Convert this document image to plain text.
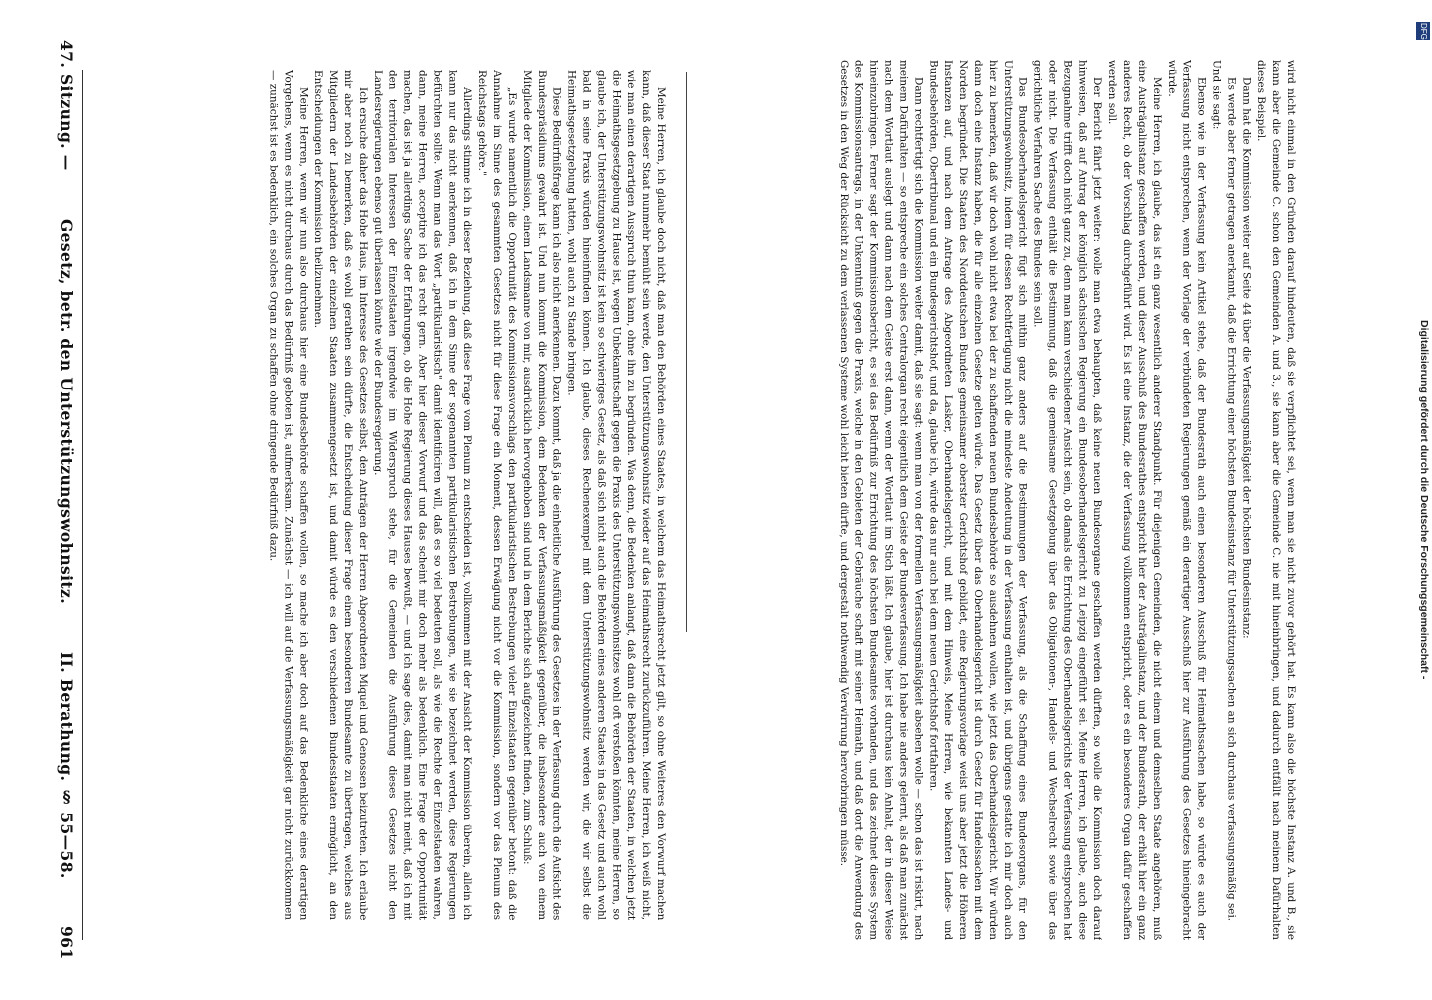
47. Sitzung. —
Gesetz, betr. den Unterstützungswohnsitz.
II. Berathung. § 55—58.
961

wird nicht einmal in den Gründen darauf hindeuten, daß sie verpflichtet sei, wenn man sie nicht zuvor gehört hat. Es kann also die höchste Instanz A. und B., sie kann aber die Gemeinde C. schon den Gemeinden A. und 3., sie kann aber die Gemeinde C. nie mit hineinbringen, und dadurch entfällt nach meinem Dafürhalten dieses Beispiel.

Dann hat die Kommission weiter auf Seite 44 über die Verfassungsmäßigkeit der höchsten Bundesinstanz:

Es werde aber ferner getragen anerkannt, daß die Errichtung einer höchsten Bundesinstanz für Unterstützungssachen an sich durchaus verfassungsmäßig sei.

Und sie sagt:

Ebenso wie in der Verfassung kein Artikel stehe, daß der Bundesrath auch einen besonderen Ausschuß für Heimathssachen habe, so würde es auch der Verfassung nicht entsprechen, wenn der Vorlage der verbündeten Regierungen gemäß ein derartiger Ausschuß hier zur Ausführung des Gesetzes hineingebracht würde.

Meine Herren, ich glaube, das ist ein ganz wesentlich anderer Standpunkt. Für diejenigen Gemeinden, die nicht einem und demselben Staate angehören, muß eine Austrägalinstanz geschaffen werden, und dieser Ausschuß des Bundesrathes entspricht hier der Austrägalinstanz, und der Bundesrath, der erhält hier ein ganz anderes Recht, ob der Vorschlag durchgeführt wird. Es ist eine Instanz, die der Verfassung vollkommen entspricht, oder es ein besonderes Organ dafür geschaffen werden soll.

Der Bericht fährt jetzt weiter: wolle man etwa behaupten, daß keine neuen Bundesorgane geschaffen werden dürften, so wolle die Kommission doch darauf hinweisen, daß auf Antrag der königlich sächsischen Regierung ein Bundesoberhandelsgericht zu Leipzig eingeführt sei. Meine Herren, ich glaube, auch diese Bezugnahme trifft doch nicht ganz zu, denn man kann verschiedener Ansicht sein, ob damals die Errichtung des Oberhandelsgerichts der Verfassung entsprochen hat oder nicht. Die Verfassung enthält die Bestimmung, daß die gemeinsame Gesetzgebung über das Obligationen-, Handels- und Wechselrecht sowie über das gerichtliche Verfahren Sache des Bundes sein soll.

Das Bundesoberhandelsgericht fügt sich mithin ganz anders auf die Bestimmungen der Verfassung, als die Schaffung eines Bundesorgans, für den Unterstützungswohnsitz, indem für dessen Rechtfertigung nicht die mindeste Andeutung in der Verfassung enthalten ist, und übrigens gestatte ich mir doch auch hier zu bemerken, daß wir doch wohl nicht etwa bei der zu schaffenden neuen Bundesbehörde so ausdehnen wollen, wie jetzt das Oberhandelsgericht. Wir würden dann doch eine Instanz haben, die für alle einzelnen Gesetze gelten würde. Das Gesetz über das Oberhandelsgericht ist durch Gesetz für Handelssachen mit dem Norden begründet. Die Staaten des Norddeutschen Bundes gemeinsamer oberster Gerichtshof gebildet, eine Regierungsvorlage weist uns aber jetzt die Höheren Instanzen auf, und nach dem Antrage des Abgeordneten Lasker, Oberhandelsgericht, und mit dem Hinweis, Meine Herren, wie bekannten Landes- und Bundesbehörden, Obertribunal und ein Bundesgerichtshof, und da, glaube ich, würde das nur auch bei dem neuen Gerichtshof fortfahren.

Dann rechtfertigt sich die Kommission weiter damit, daß sie sagt: wenn man von der formellen Verfassungsmäßigkeit absehen wolle — schon das ist riskirt, nach meinem Dafürhalten — so entspreche ein solches Centralorgan recht eigentlich dem Geiste der Bundesverfassung. Ich habe nie anders gelernt, als daß man zunächst nach dem Wortlaut auslegt und dann nach dem Geiste erst dann, wenn der Wortlaut im Stich läßt. Ich glaube, hier ist durchaus kein Anhalt, der in dieser Weise hineinzubringen. Ferner sagt der Kommissionsbericht, es sei das Bedürfniß zur Errichtung des höchsten Bundesamtes vorhanden, und das zeichnet dieses System des Kommissionsantrags, in der Unkenntniß gegen die Praxis, welche in den Gebieten der Gebräuche schaft mit seiner Heimath, und daß dort die Anwendung des Gesetzes in den Weg der Rücksicht zu dem verlassenen Systeme wohl leicht bieten dürfte, und dergestalt nothwendig Verwirrung hervorbringen müsse.

Meine Herren, ich glaube doch nicht, daß man den Behörden eines Staates, in welchem das Heimathsrecht jetzt gilt, so ohne Weiteres den Vorwurf machen kann, daß dieser Staat nunmehr bemüht sein werde, den Unterstützungswohnsitz wieder auf das Heimathsrecht zurückzuführen. Meine Herren, ich weiß nicht, wie man einen derartigen Ausspruch thun kann, ohne ihn zu begründen. Was denn, die Bedenken anlangt, daß dann die Behörden der Staaten, in welchen jetzt die Heimathsgesetzgebung zu Hause ist, wegen Unbekanntschaft gegen die Praxis des Unterstützungswohnsitzes wohl oft verstoßen könnten, meine Herren, so glaube ich, der Unterstützungswohnsitz ist kein so schwieriges Gesetz, als daß sich nicht auch die Behörden eines anderen Staates in das Gesetz und auch wohl bald in seine Praxis würden hineinfinden können. Ich glaube, dieses Rechenexempel mit dem Unterstützungswohnsitz werden wir, die wir selbst die Heimathsgesetzgebung hatten, wohl auch zu Stande bringen.

Diese Bedürfnißfrage kann ich also nicht anerkennen. Dazu kommt, daß ja die einheitliche Ausführung des Gesetzes in der Verfassung durch die Aufsicht des Bundespräsidiums gewahrt ist. Und nun kommt die Kommission, dem Bedenken der Verfassungsmäßigkeit gegenüber, die insbesondere auch von einem Mitgliede der Kommission, einem Landsmanne von mir, ausdrücklich hervorgehoben sind und in dem Berichte sich aufgezeichnet finden, zum Schluß:

„Es wurde namentlich die Opportunität des Kommissionsvorschlags den partikularistischen Bestrebungen vieler Einzelstaaten gegenüber betont: daß die Annahme im Sinne des gesammten Gesetzes nicht für diese Frage ein Moment, dessen Erwägung nicht vor die Kommission, sondern vor das Plenum des Reichstags gehöre."

Allerdings stimme ich in dieser Beziehung, daß diese Frage vom Plenum zu entscheiden ist, vollkommen mit der Ansicht der Kommission überein, allein ich kann nur das nicht anerkennen, daß ich in dem Sinne der sogenannten partikularistischen Bestrebungen, wie sie bezeichnet werden, diese Regierungen befürchten sollte. Wenn man das Wort „partikularistisch" damit identificiren will, daß es so viel bedeuten soll, als wie die Rechte der Einzelstaaten wahren, dann, meine Herren, acceptire ich das recht gern. Aber hier dieser Vorwurf und das scheint mir doch mehr als bedenklich. Eine Frage der Opportunität machen, das ist ja allerdings Sache der Erfahrungen, ob die Hohe Regierung dieses Hauses bewußt, — und ich sage dies, damit man nicht meint, daß ich mit den territorialen Interessen der Einzelstaaten irgendwie im Widerspruch stehe, für die Gemeinden die Ausführung dieses Gesetzes nicht den Landesregierungen ebenso gut überlassen könnte wie der Bundesregierung.

Ich ersuche daher das Hohe Haus, im Interesse des Gesetzes selbst, den Anträgen der Herren Abgeordneten Miquel und Genossen beizutreten. Ich erlaube mir aber noch zu bemerken, daß es wohl gerathen sein dürfte, die Entscheidung dieser Frage einem besonderen Bundesamte zu übertragen, welches aus Mitgliedern der Landesbehörden der einzelnen Staaten zusammengesetzt ist, und damit würde es den verschiedenen Bundesstaaten ermöglicht, an den Entscheidungen der Kommission theilzunehmen.

Meine Herren, wenn wir nun also durchaus hier eine Bundesbehörde schaffen wollen, so mache ich aber doch auf das Bedenkliche eines derartigen Vorgehens, wenn es nicht durchaus durch das Bedürfniß geboten ist, aufmerksam. Zunächst — ich will auf die Verfassungsmäßigkeit gar nicht zurückkommen — zunächst ist es bedenklich, ein solches Organ zu schaffen ohne dringende Bedürfniß dazu.

DFG
Digitalisierung gefördert durch die Deutsche Forschungsgemeinschaft -
